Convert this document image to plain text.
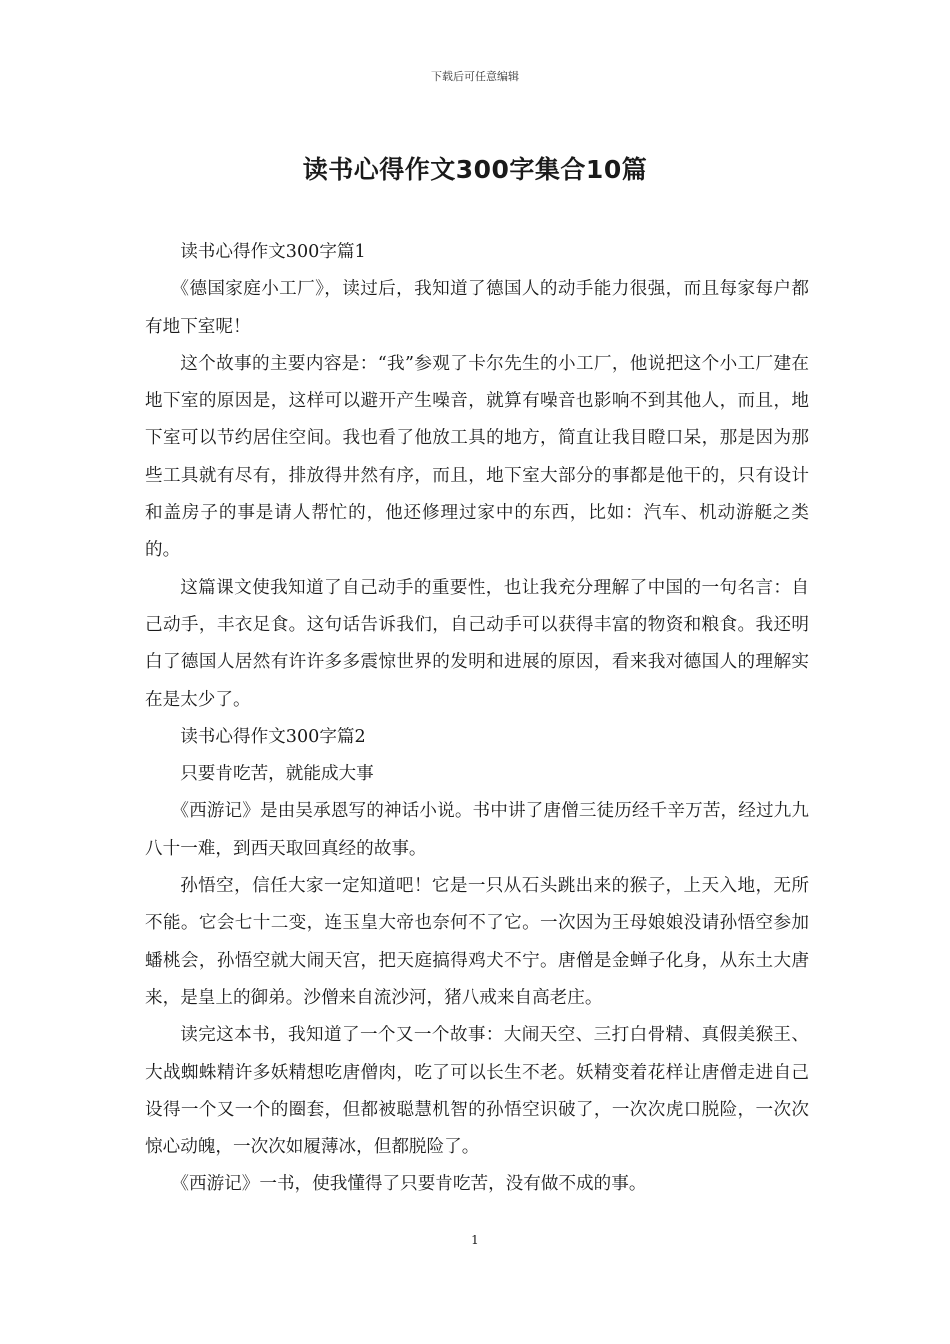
下载后可任意编辑
读书心得作文300字集合10篇

读书心得作文300字篇1

《德国家庭小工厂》，读过后，我知道了德国人的动手能力很强，而且每家每户都有地下室呢！

这个故事的主要内容是：“我”参观了卡尔先生的小工厂，他说把这个小工厂建在地下室的原因是，这样可以避开产生噪音，就算有噪音也影响不到其他人，而且，地下室可以节约居住空间。我也看了他放工具的地方，简直让我目瞪口呆，那是因为那些工具就有尽有，排放得井然有序，而且，地下室大部分的事都是他干的，只有设计和盖房子的事是请人帮忙的，他还修理过家中的东西，比如：汽车、机动游艇之类的。

这篇课文使我知道了自己动手的重要性，也让我充分理解了中国的一句名言：自己动手，丰衣足食。这句话告诉我们，自己动手可以获得丰富的物资和粮食。我还明白了德国人居然有许许多多震惊世界的发明和进展的原因，看来我对德国人的理解实在是太少了。

读书心得作文300字篇2

只要肯吃苦，就能成大事

《西游记》是由吴承恩写的神话小说。书中讲了唐僧三徒历经千辛万苦，经过九九八十一难，到西天取回真经的故事。

孙悟空，信任大家一定知道吧！它是一只从石头跳出来的猴子，上天入地，无所不能。它会七十二变，连玉皇大帝也奈何不了它。一次因为王母娘娘没请孙悟空参加蟠桃会，孙悟空就大闹天宫，把天庭搞得鸡犬不宁。唐僧是金蝉子化身，从东土大唐来，是皇上的御弟。沙僧来自流沙河，猪八戒来自高老庄。

读完这本书，我知道了一个又一个故事：大闹天空、三打白骨精、真假美猴王、大战蜘蛛精许多妖精想吃唐僧肉，吃了可以长生不老。妖精变着花样让唐僧走进自己设得一个又一个的圈套，但都被聪慧机智的孙悟空识破了，一次次虎口脱险，一次次惊心动魄，一次次如履薄冰，但都脱险了。

《西游记》一书，使我懂得了只要肯吃苦，没有做不成的事。

1
